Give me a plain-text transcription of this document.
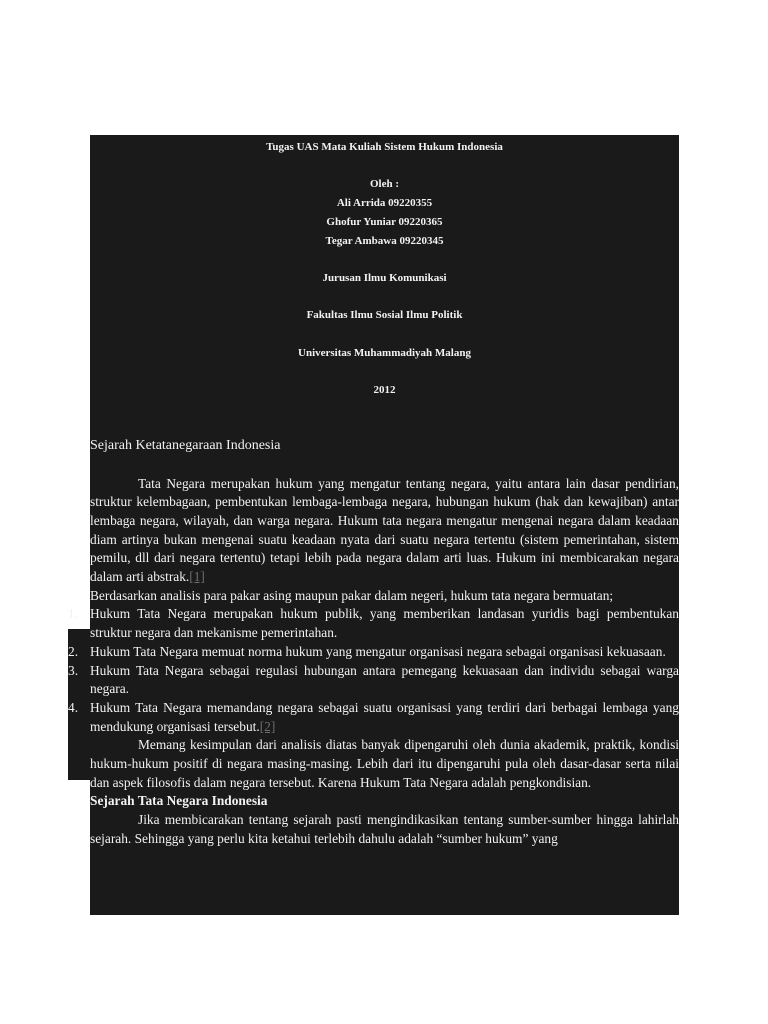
Tugas UAS Mata Kuliah Sistem Hukum Indonesia

Oleh :

Ali Arrida 09220355

Ghofur Yuniar 09220365

Tegar Ambawa 09220345

Jurusan Ilmu Komunikasi

Fakultas Ilmu Sosial Ilmu Politik

Universitas Muhammadiyah Malang

2012

Sejarah Ketatanegaraan Indonesia

Tata Negara merupakan hukum yang mengatur tentang negara, yaitu antara lain dasar pendirian, struktur kelembagaan, pembentukan lembaga-lembaga negara, hubungan hukum (hak dan kewajiban) antar lembaga negara, wilayah, dan warga negara. Hukum tata negara mengatur mengenai negara dalam keadaan diam artinya bukan mengenai suatu keadaan nyata dari suatu negara tertentu (sistem pemerintahan, sistem pemilu, dll dari negara tertentu) tetapi lebih pada negara dalam arti luas. Hukum ini membicarakan negara dalam arti abstrak.[1]

Berdasarkan analisis para pakar asing maupun pakar dalam negeri, hukum tata negara bermuatan;

1. Hukum Tata Negara merupakan hukum publik, yang memberikan landasan yuridis bagi pembentukan struktur negara dan mekanisme pemerintahan.
2. Hukum Tata Negara memuat norma hukum yang mengatur organisasi negara sebagai organisasi kekuasaan.
3. Hukum Tata Negara sebagai regulasi hubungan antara pemegang kekuasaan dan individu sebagai warga negara.
4. Hukum Tata Negara memandang negara sebagai suatu organisasi yang terdiri dari berbagai lembaga yang mendukung organisasi tersebut.[2]

Memang kesimpulan dari analisis diatas banyak dipengaruhi oleh dunia akademik, praktik, kondisi hukum-hukum positif di negara masing-masing. Lebih dari itu dipengaruhi pula oleh dasar-dasar serta nilai dan aspek filosofis dalam negara tersebut. Karena Hukum Tata Negara adalah pengkondisian.

Sejarah Tata Negara Indonesia

Jika membicarakan tentang sejarah pasti mengindikasikan tentang sumber-sumber hingga lahirlah sejarah. Sehingga yang perlu kita ketahui terlebih dahulu adalah “sumber hukum” yang
